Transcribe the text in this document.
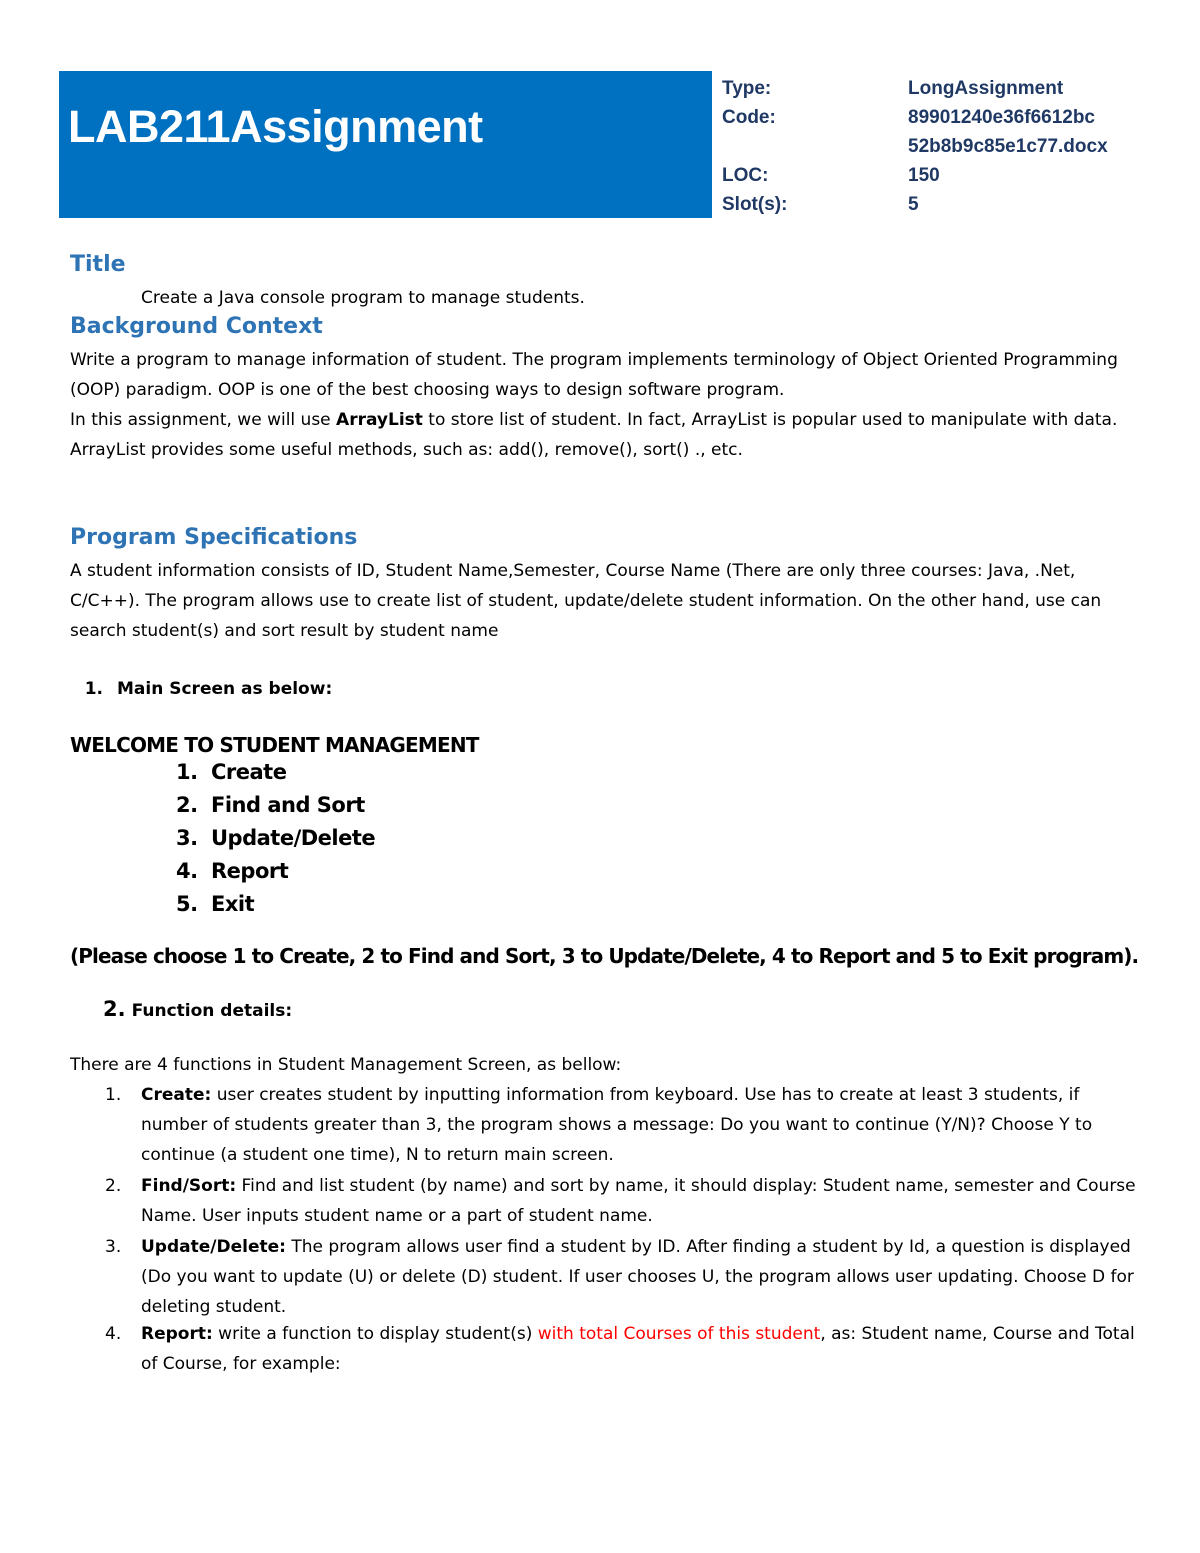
LAB211Assignment
Type:	LongAssignment
Code:	89901240e36f6612bc
52b8b9c85e1c77.docx
LOC:	150
Slot(s):	5
Title

Create a Java console program to manage students.

Background Context

Write a program to manage information of student. The program implements terminology of Object Oriented Programming (OOP) paradigm. OOP is one of the best choosing ways to design software program.

In this assignment, we will use ArrayList to store list of student. In fact, ArrayList is popular used to manipulate with data. ArrayList provides some useful methods, such as: add(), remove(), sort() ., etc.

Program Specifications

A student information consists of ID, Student Name,Semester, Course Name (There are only three courses: Java, .Net, C/C++). The program allows use to create list of student, update/delete student information. On the other hand, use can search student(s) and sort result by student name

1. Main Screen as below:

WELCOME TO STUDENT MANAGEMENT
1. Create
2. Find and Sort
3. Update/Delete
4. Report
5. Exit
(Please choose 1 to Create, 2 to Find and Sort, 3 to Update/Delete, 4 to Report and 5 to Exit program).
2. Function details:

There are 4 functions in Student Management Screen, as bellow:

1.	Create: user creates student by inputting information from keyboard. Use has to create at least 3 students, if number of students greater than 3, the program shows a message: Do you want to continue (Y/N)? Choose Y to continue (a student one time), N to return main screen.
2.	Find/Sort: Find and list student (by name) and sort by name, it should display: Student name, semester and Course Name. User inputs student name or a part of student name.
3.	Update/Delete: The program allows user find a student by ID. After finding a student by Id, a question is displayed (Do you want to update (U) or delete (D) student. If user chooses U, the program allows user updating. Choose D for deleting student.
4.	Report: write a function to display student(s) with total Courses of this student, as: Student name, Course and Total of Course, for example:
